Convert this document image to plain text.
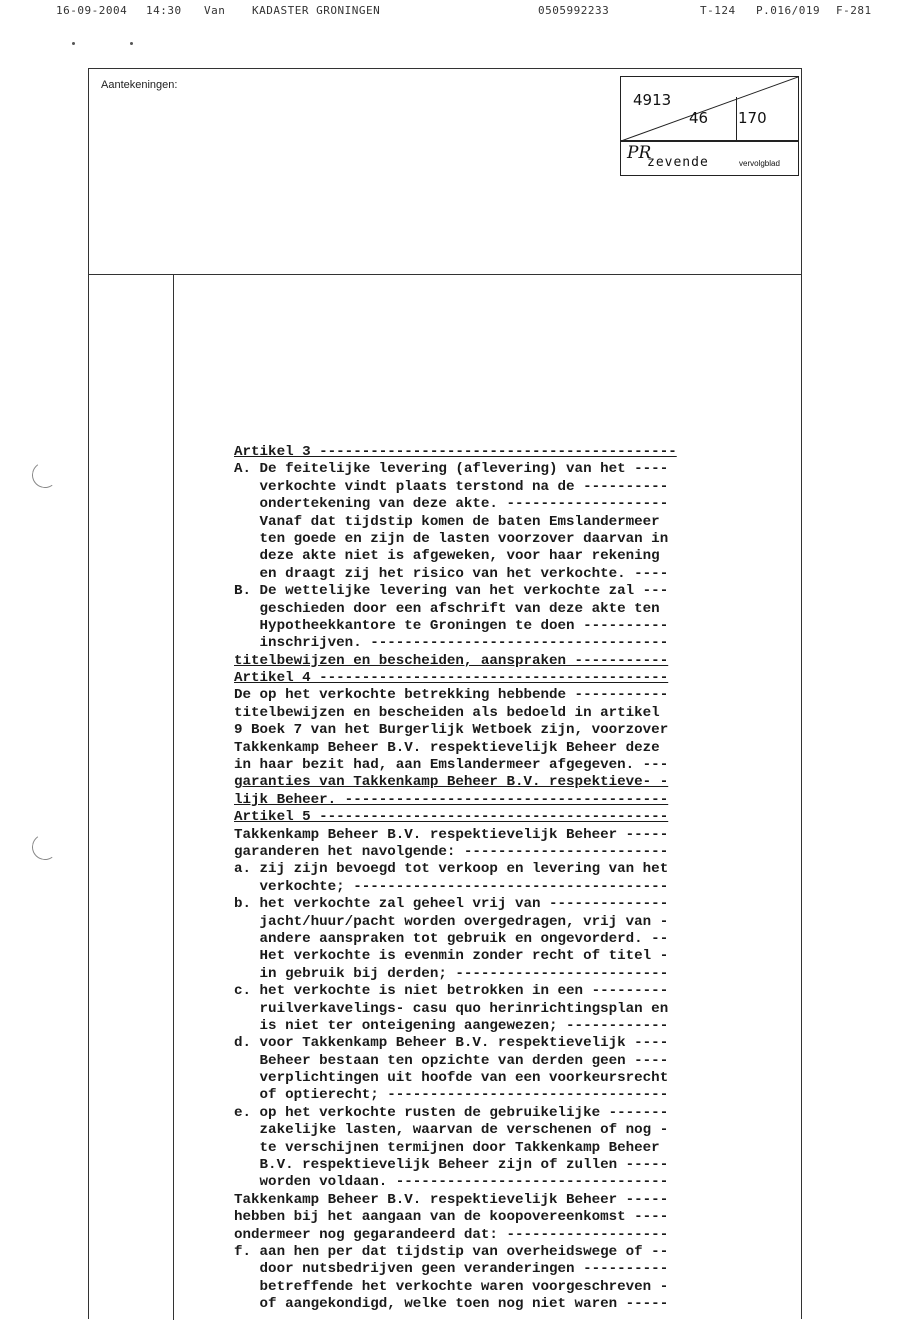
16-09-2004 14:30 Van KADASTER GRONINGEN	0505992233	T-124 P.016/019 F-281
Aantekeningen:
4913
46 170
PR
zevende	vervolgblad
Artikel 3 ------------------------------------------
A. De feitelijke levering (aflevering) van het ----
verkochte vindt plaats terstond na de ----------
ondertekening van deze akte. -------------------
Vanaf dat tijdstip komen de baten Emslandermeer
ten goede en zijn de lasten voorzover daarvan in
deze akte niet is afgeweken, voor haar rekening
en draagt zij het risico van het verkochte. ----
B. De wettelijke levering van het verkochte zal ---
geschieden door een afschrift van deze akte ten
Hypotheekkantore te Groningen te doen ----------
inschrijven. -----------------------------------
titelbewijzen en bescheiden, aanspraken -----------
Artikel 4 -----------------------------------------
De op het verkochte betrekking hebbende -----------
titelbewijzen en bescheiden als bedoeld in artikel
9 Boek 7 van het Burgerlijk Wetboek zijn, voorzover
Takkenkamp Beheer B.V. respektievelijk Beheer deze
in haar bezit had, aan Emslandermeer afgegeven. ---
garanties van Takkenkamp Beheer B.V. respektieve- -
lijk Beheer. --------------------------------------
Artikel 5 -----------------------------------------
Takkenkamp Beheer B.V. respektievelijk Beheer -----
garanderen het navolgende: ------------------------
a. zij zijn bevoegd tot verkoop en levering van het
verkochte; -------------------------------------
b. het verkochte zal geheel vrij van --------------
jacht/huur/pacht worden overgedragen, vrij van -
andere aanspraken tot gebruik en ongevorderd. --
Het verkochte is evenmin zonder recht of titel -
in gebruik bij derden; -------------------------
c. het verkochte is niet betrokken in een ---------
ruilverkavelings- casu quo herinrichtingsplan en
is niet ter onteigening aangewezen; ------------
d. voor Takkenkamp Beheer B.V. respektievelijk ----
Beheer bestaan ten opzichte van derden geen ----
verplichtingen uit hoofde van een voorkeursrecht
of optierecht; ---------------------------------
e. op het verkochte rusten de gebruikelijke -------
zakelijke lasten, waarvan de verschenen of nog -
te verschijnen termijnen door Takkenkamp Beheer
B.V. respektievelijk Beheer zijn of zullen -----
worden voldaan. --------------------------------
Takkenkamp Beheer B.V. respektievelijk Beheer -----
hebben bij het aangaan van de koopovereenkomst ----
ondermeer nog gegarandeerd dat: -------------------
f. aan hen per dat tijdstip van overheidswege of --
door nutsbedrijven geen veranderingen ----------
betreffende het verkochte waren voorgeschreven -
of aangekondigd, welke toen nog niet waren -----
